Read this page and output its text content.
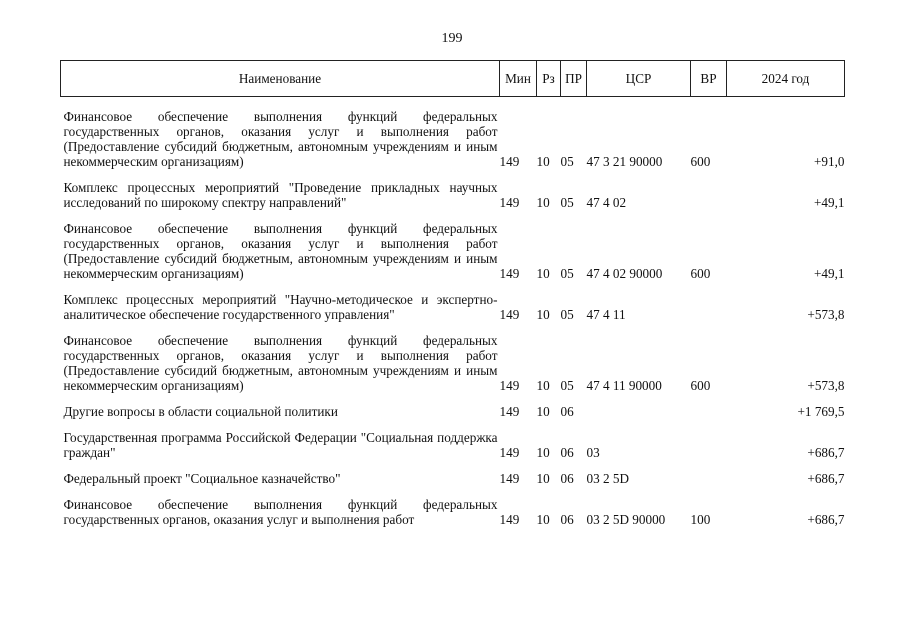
199
Наименование	Мин	Рз	ПР	ЦСР	ВР	2024 год

Финансовое обеспечение выполнения функций федеральных государственных органов, оказания услуг и выполнения работ (Предоставление субсидий бюджетным, автономным учреждениям и иным некоммерческим организациям)	149	10	05	47 3 21 90000	600	+91,0

Комплекс процессных мероприятий "Проведение прикладных научных исследований по широкому спектру направлений"	149	10	05	47 4 02		+49,1

Финансовое обеспечение выполнения функций федеральных государственных органов, оказания услуг и выполнения работ (Предоставление субсидий бюджетным, автономным учреждениям и иным некоммерческим организациям)	149	10	05	47 4 02 90000	600	+49,1

Комплекс процессных мероприятий "Научно-методическое и экспертно-аналитическое обеспечение государственного управления"	149	10	05	47 4 11		+573,8

Финансовое обеспечение выполнения функций федеральных государственных органов, оказания услуг и выполнения работ (Предоставление субсидий бюджетным, автономным учреждениям и иным некоммерческим организациям)	149	10	05	47 4 11 90000	600	+573,8

Другие вопросы в области социальной политики	149	10	06			+1 769,5

Государственная программа Российской Федерации "Социальная поддержка граждан"	149	10	06	03		+686,7

Федеральный проект "Социальное казначейство"	149	10	06	03 2 5D		+686,7

Финансовое обеспечение выполнения функций федеральных государственных органов, оказания услуг и выполнения работ	149	10	06	03 2 5D 90000	100	+686,7
